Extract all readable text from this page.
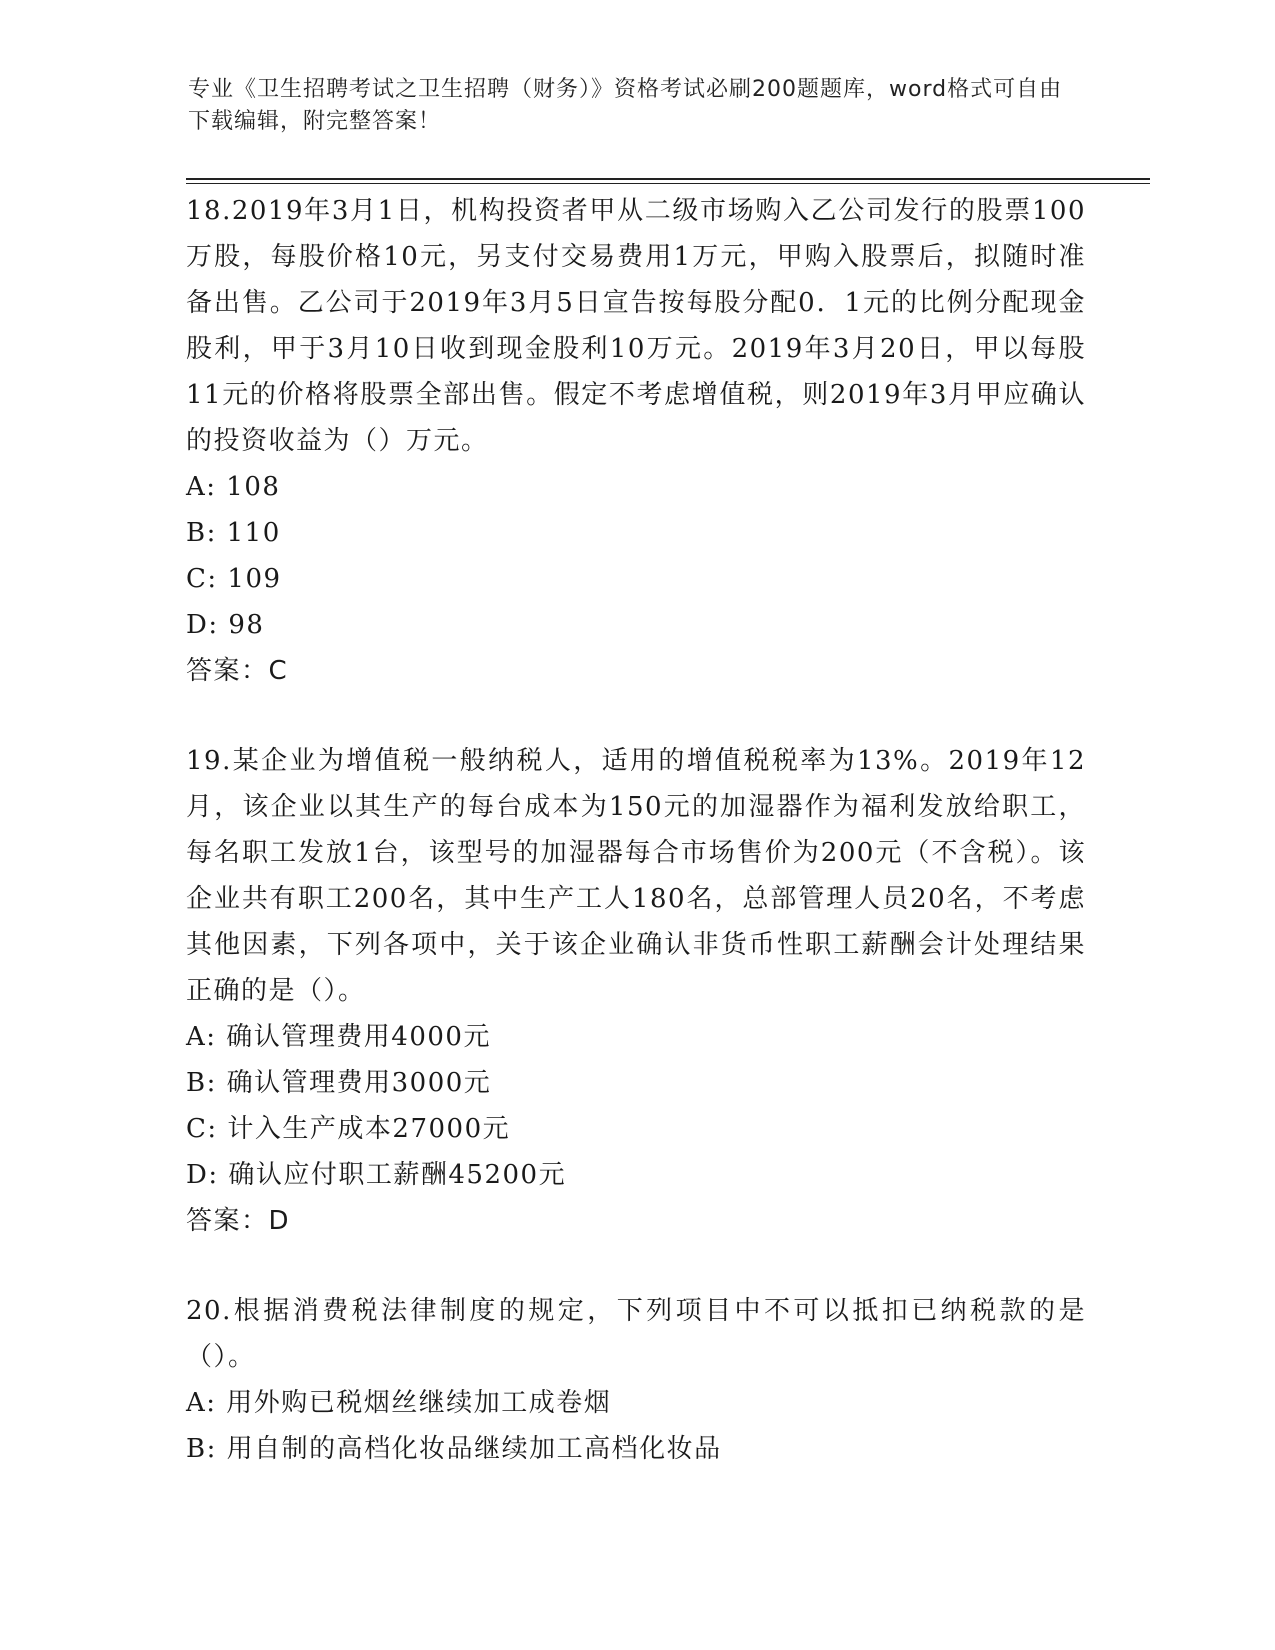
专业《卫生招聘考试之卫生招聘（财务）》资格考试必刷200题题库，word格式可自由下载编辑，附完整答案！

18.2019年3月1日，机构投资者甲从二级市场购入乙公司发行的股票100万股，每股价格10元，另支付交易费用1万元，甲购入股票后，拟随时准备出售。乙公司于2019年3月5日宣告按每股分配0．1元的比例分配现金股利，甲于3月10日收到现金股利10万元。2019年3月20日，甲以每股11元的价格将股票全部出售。假定不考虑增值税，则2019年3月甲应确认的投资收益为（）万元。

A: 108

B: 110

C: 109

D: 98

答案：C

19.某企业为增值税一般纳税人，适用的增值税税率为13%。2019年12月，该企业以其生产的每台成本为150元的加湿器作为福利发放给职工，每名职工发放1台，该型号的加湿器每合市场售价为200元（不含税）。该企业共有职工200名，其中生产工人180名，总部管理人员20名，不考虑其他因素，下列各项中，关于该企业确认非货币性职工薪酬会计处理结果正确的是（）。

A: 确认管理费用4000元

B: 确认管理费用3000元

C: 计入生产成本27000元

D: 确认应付职工薪酬45200元

答案：D

20.根据消费税法律制度的规定，下列项目中不可以抵扣已纳税款的是（）。

A: 用外购已税烟丝继续加工成卷烟

B: 用自制的高档化妆品继续加工高档化妆品
